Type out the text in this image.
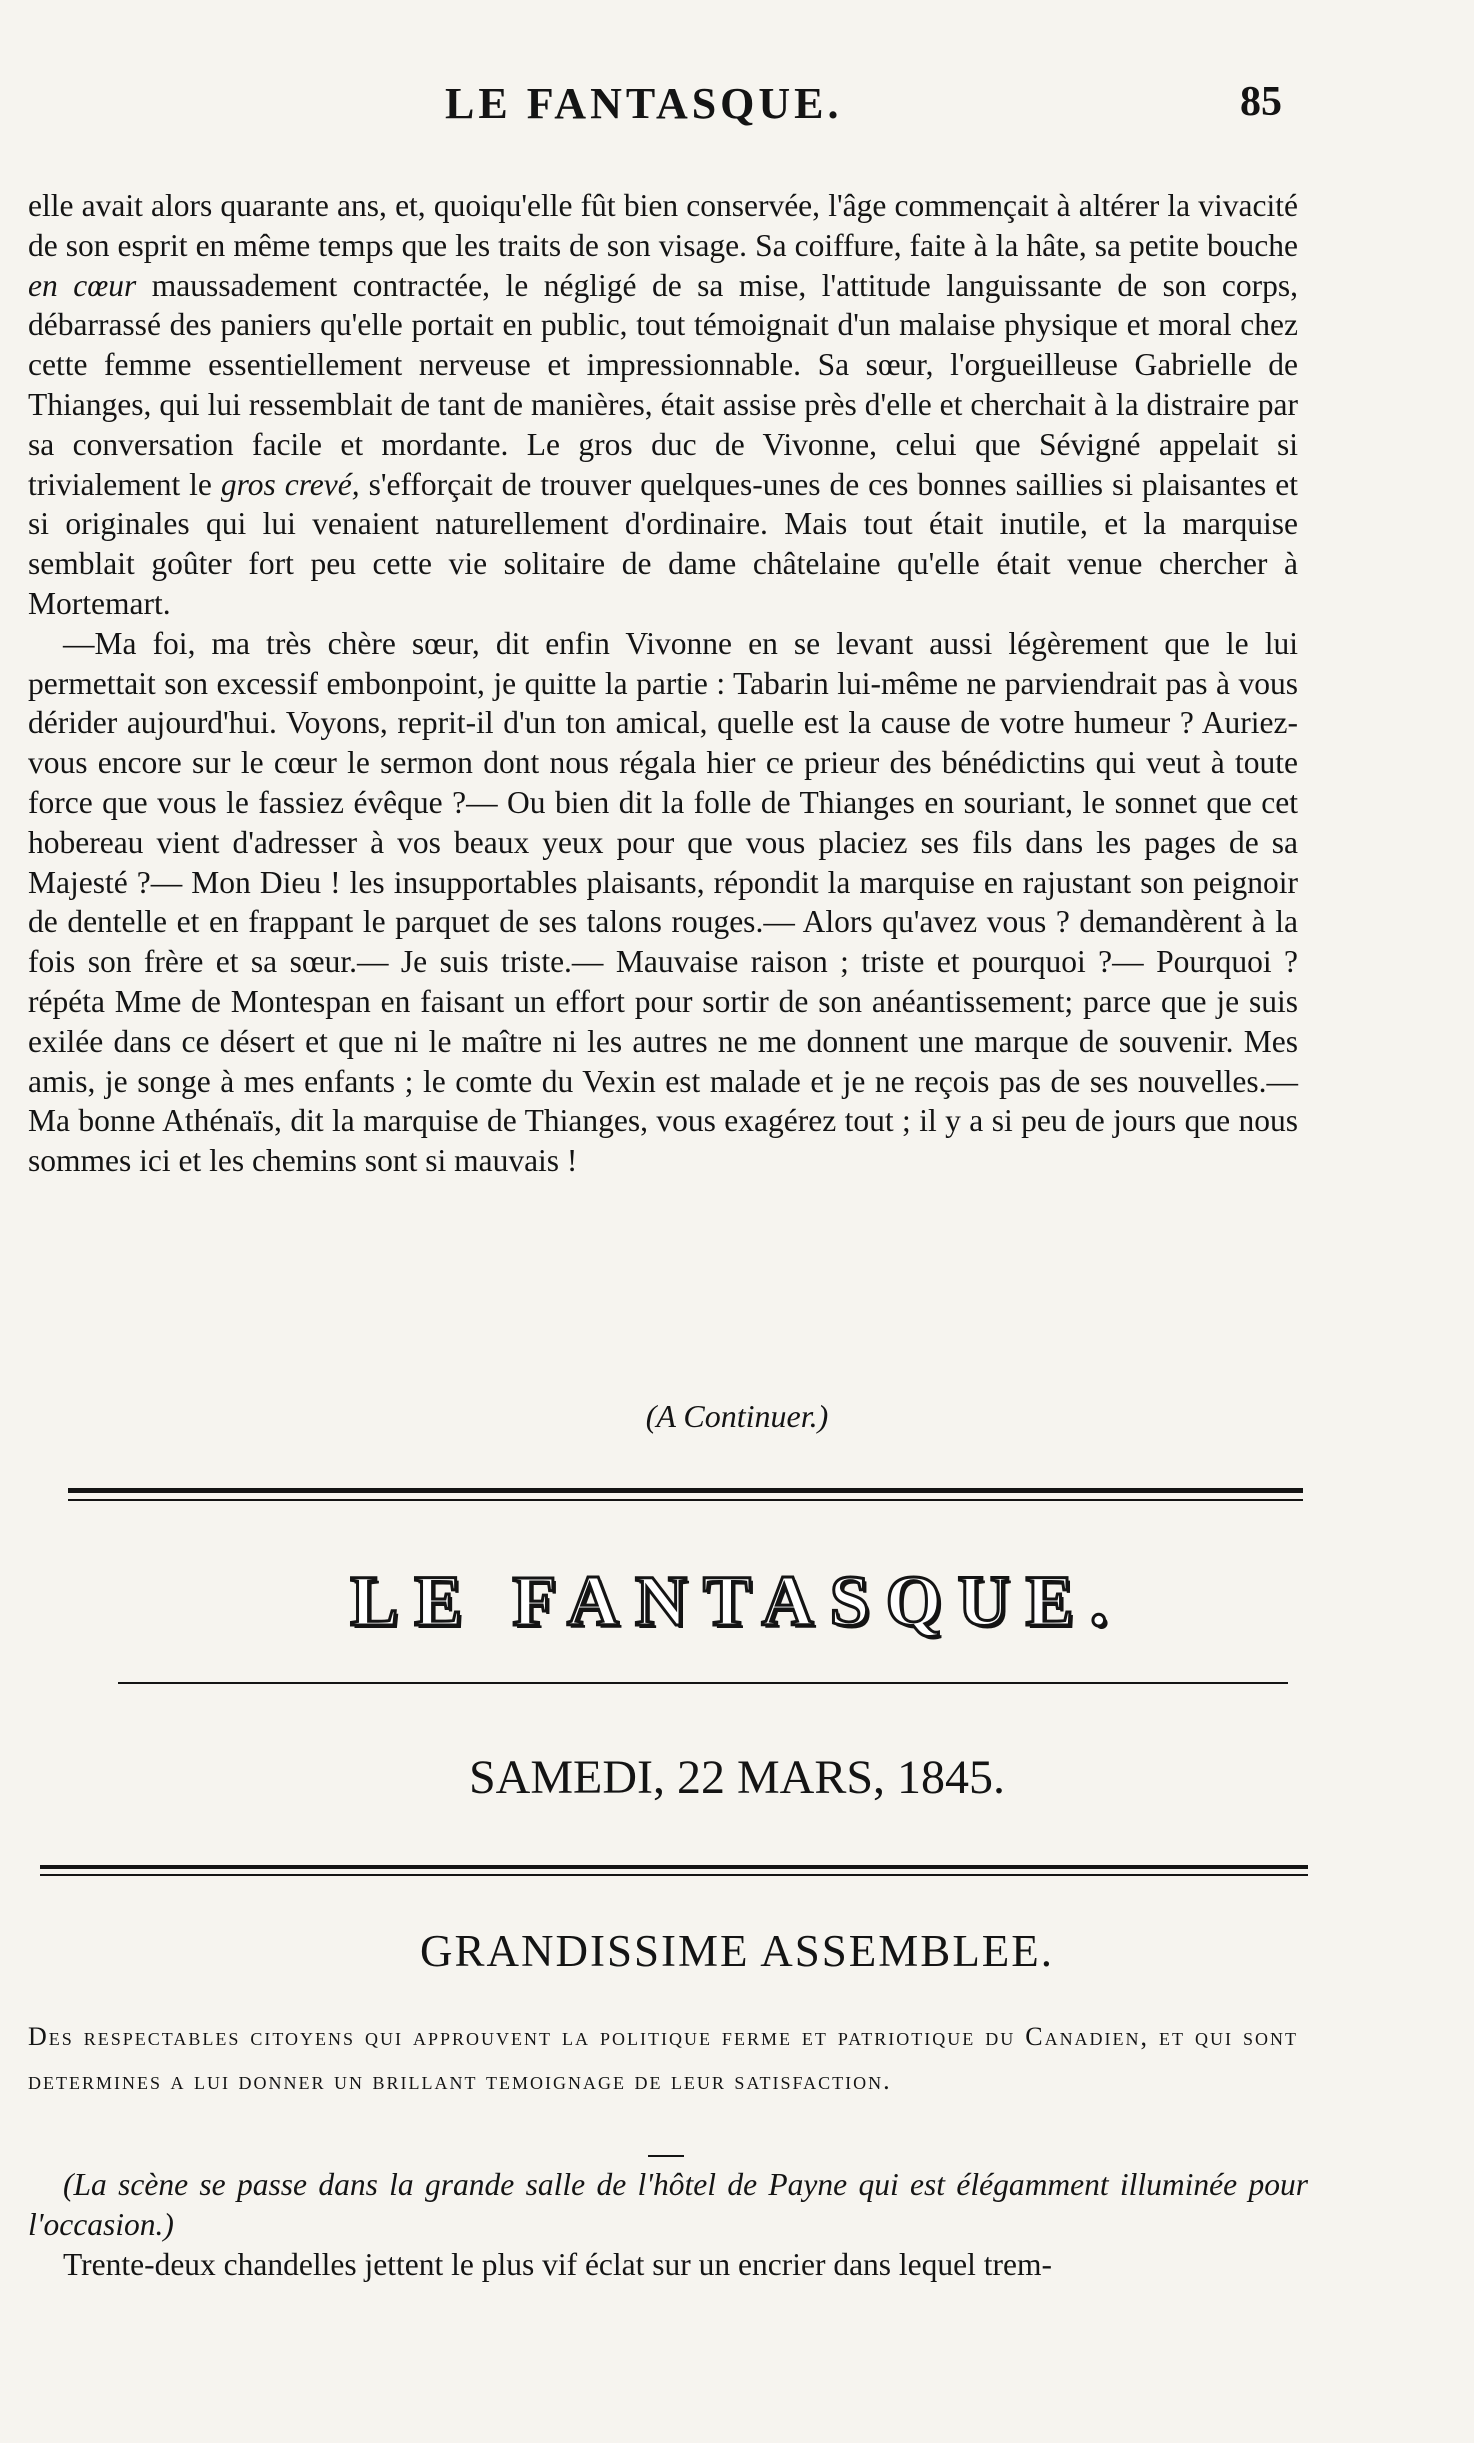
LE FANTASQUE.	85

elle avait alors quarante ans, et, quoiqu'elle fût bien conservée, l'âge commençait à altérer la vivacité de son esprit en même temps que les traits de son visage. Sa coiffure, faite à la hâte, sa petite bouche en cœur maussadement contractée, le négligé de sa mise, l'attitude languissante de son corps, débarrassé des paniers qu'elle portait en public, tout témoignait d'un malaise physique et moral chez cette femme essentiellement nerveuse et impressionnable. Sa sœur, l'orgueilleuse Gabrielle de Thianges, qui lui ressemblait de tant de manières, était assise près d'elle et cherchait à la distraire par sa conversation facile et mordante. Le gros duc de Vivonne, celui que Sévigné appelait si trivialement le gros crevé, s'efforçait de trouver quelques-unes de ces bonnes saillies si plaisantes et si originales qui lui venaient naturellement d'ordinaire. Mais tout était inutile, et la marquise semblait goûter fort peu cette vie solitaire de dame châtelaine qu'elle était venue chercher à Mortemart.

—Ma foi, ma très chère sœur, dit enfin Vivonne en se levant aussi légèrement que le lui permettait son excessif embonpoint, je quitte la partie : Tabarin lui-même ne parviendrait pas à vous dérider aujourd'hui. Voyons, reprit-il d'un ton amical, quelle est la cause de votre humeur ? Auriez-vous encore sur le cœur le sermon dont nous régala hier ce prieur des bénédictins qui veut à toute force que vous le fassiez évêque ?— Ou bien dit la folle de Thianges en souriant, le sonnet que cet hobereau vient d'adresser à vos beaux yeux pour que vous placiez ses fils dans les pages de sa Majesté ?— Mon Dieu ! les insupportables plaisants, répondit la marquise en rajustant son peignoir de dentelle et en frappant le parquet de ses talons rouges.— Alors qu'avez vous ? demandèrent à la fois son frère et sa sœur.— Je suis triste.— Mauvaise raison ; triste et pourquoi ?— Pourquoi ? répéta Mme de Montespan en faisant un effort pour sortir de son anéantissement; parce que je suis exilée dans ce désert et que ni le maître ni les autres ne me donnent une marque de souvenir. Mes amis, je songe à mes enfants ; le comte du Vexin est malade et je ne reçois pas de ses nouvelles.— Ma bonne Athénaïs, dit la marquise de Thianges, vous exagérez tout ; il y a si peu de jours que nous sommes ici et les chemins sont si mauvais !

(A Continuer.)
LE FANTASQUE.
SAMEDI, 22 MARS, 1845.
GRANDISSIME ASSEMBLEE.
Des respectables citoyens qui approuvent la politique ferme et patriotique du Canadien, et qui sont determines a lui donner un brillant temoignage de leur satisfaction.
(La scène se passe dans la grande salle de l'hôtel de Payne qui est élégamment illuminée pour l'occasion.)
Trente-deux chandelles jettent le plus vif éclat sur un encrier dans lequel trem-
